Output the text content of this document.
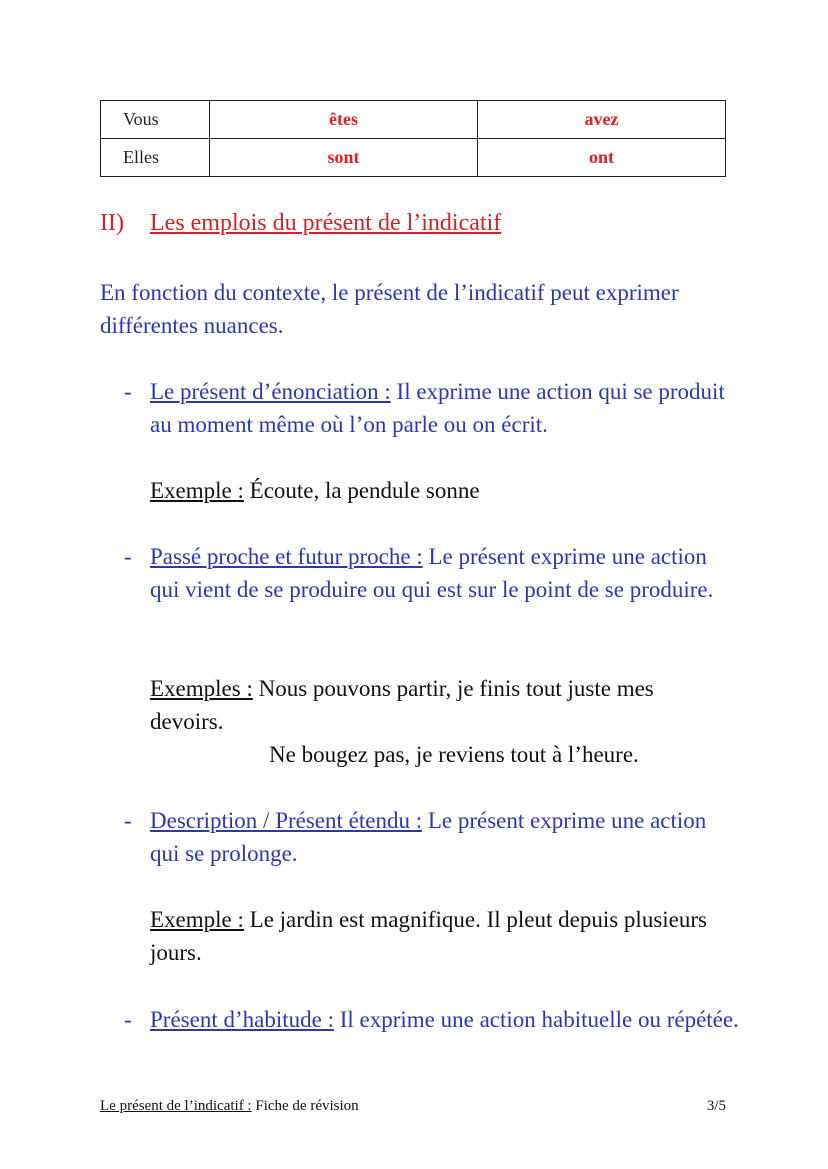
Vous	êtes	avez
Elles	sont	ont
II) Les emplois du présent de l’indicatif
En fonction du contexte, le présent de l’indicatif peut exprimer différentes nuances.
- Le présent d’énonciation : Il exprime une action qui se produit au moment même où l’on parle ou on écrit.
Exemple : Écoute, la pendule sonne
- Passé proche et futur proche : Le présent exprime une action qui vient de se produire ou qui est sur le point de se produire.
Exemples : Nous pouvons partir, je finis tout juste mes devoirs.
Ne bougez pas, je reviens tout à l’heure.
- Description / Présent étendu : Le présent exprime une action qui se prolonge.
Exemple : Le jardin est magnifique. Il pleut depuis plusieurs jours.
- Présent d’habitude : Il exprime une action habituelle ou répétée.
Le présent de l’indicatif : Fiche de révision	3/5
